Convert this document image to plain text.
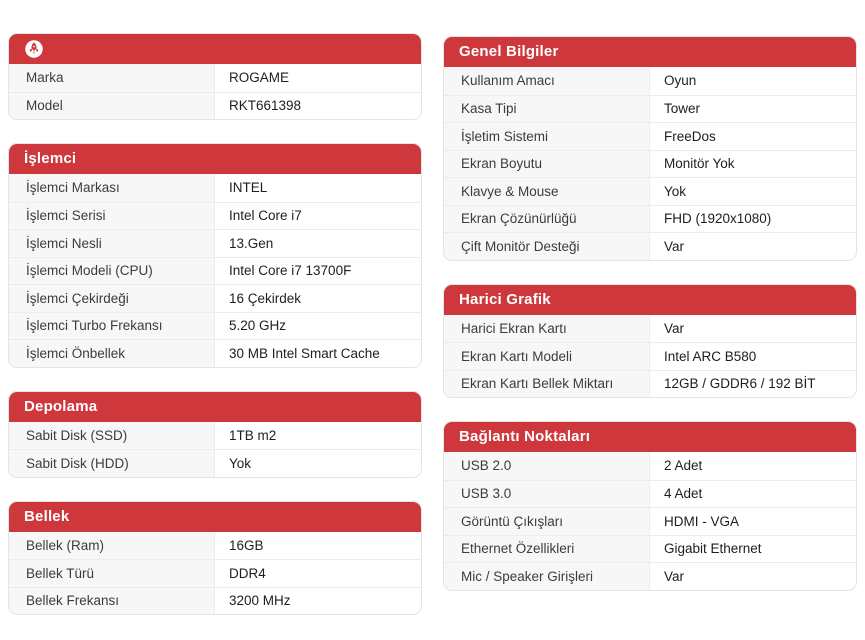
Marka	ROGAME
Model	RKT661398
İşlemci
İşlemci Markası	INTEL
İşlemci Serisi	Intel Core i7
İşlemci Nesli	13.Gen
İşlemci Modeli (CPU)	Intel Core i7 13700F
İşlemci Çekirdeği	16 Çekirdek
İşlemci Turbo Frekansı	5.20 GHz
İşlemci Önbellek	30 MB Intel Smart Cache
Depolama
Sabit Disk (SSD)	1TB m2
Sabit Disk (HDD)	Yok
Bellek
Bellek (Ram)	16GB
Bellek Türü	DDR4
Bellek Frekansı	3200 MHz
Genel Bilgiler
Kullanım Amacı	Oyun
Kasa Tipi	Tower
İşletim Sistemi	FreeDos
Ekran Boyutu	Monitör Yok
Klavye & Mouse	Yok
Ekran Çözünürlüğü	FHD (1920x1080)
Çift Monitör Desteği	Var
Harici Grafik
Harici Ekran Kartı	Var
Ekran Kartı Modeli	Intel ARC B580
Ekran Kartı Bellek Miktarı	12GB / GDDR6 / 192 BİT
Bağlantı Noktaları
USB 2.0	2 Adet
USB 3.0	4 Adet
Görüntü Çıkışları	HDMI - VGA
Ethernet Özellikleri	Gigabit Ethernet
Mic / Speaker Girişleri	Var
